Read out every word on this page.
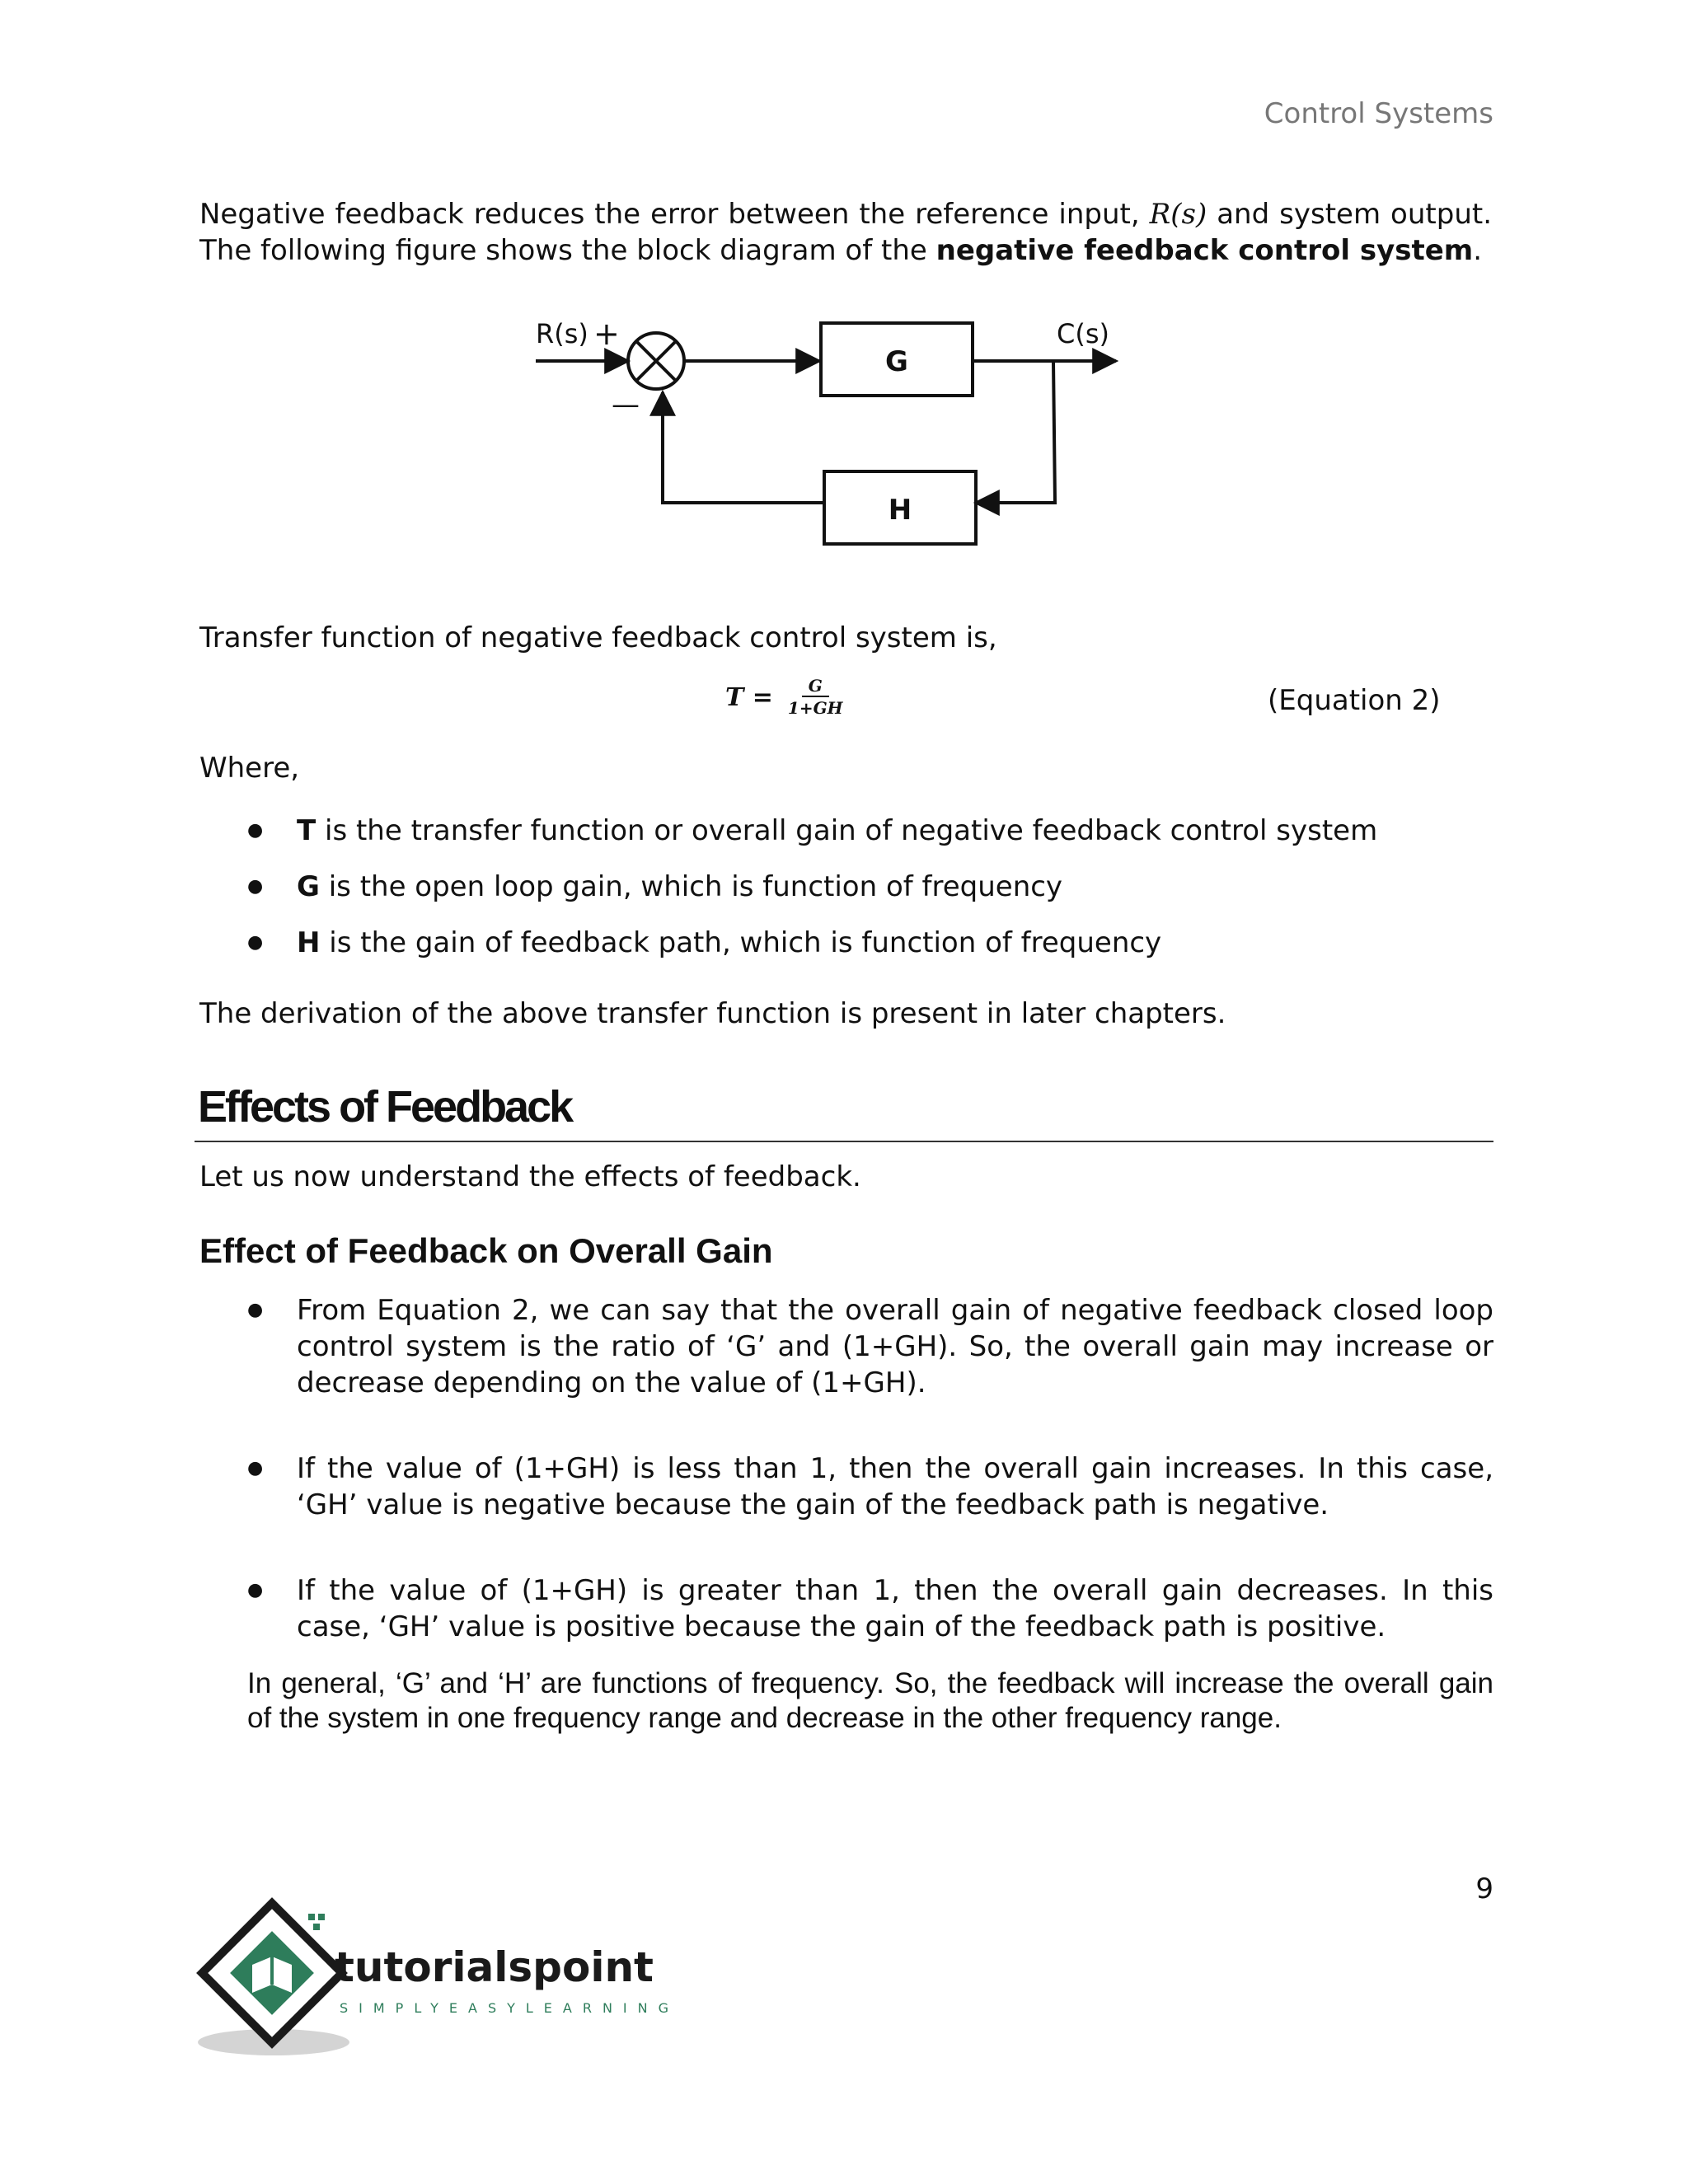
Control Systems

Negative feedback reduces the error between the reference input, R(s) and system output. The following figure shows the block diagram of the negative feedback control system.

R(s) +
—
C(s)
G
H

Transfer function of negative feedback control system is,

$T = \frac{G}{1+GH}$	(Equation 2)

Where,

● T is the transfer function or overall gain of negative feedback control system
● G is the open loop gain, which is function of frequency
● H is the gain of feedback path, which is function of frequency

The derivation of the above transfer function is present in later chapters.

Effects of Feedback

Let us now understand the effects of feedback.

Effect of Feedback on Overall Gain
● From Equation 2, we can say that the overall gain of negative feedback closed loop control system is the ratio of ‘G’ and (1+GH). So, the overall gain may increase or decrease depending on the value of (1+GH).
● If the value of (1+GH) is less than 1, then the overall gain increases. In this case, ‘GH’ value is negative because the gain of the feedback path is negative.
● If the value of (1+GH) is greater than 1, then the overall gain decreases. In this case, ‘GH’ value is positive because the gain of the feedback path is positive.

In general, ‘G’ and ‘H’ are functions of frequency. So, the feedback will increase the overall gain of the system in one frequency range and decrease in the other frequency range.

9
tutorialspoint
SIMPLYEASYLEARNING
